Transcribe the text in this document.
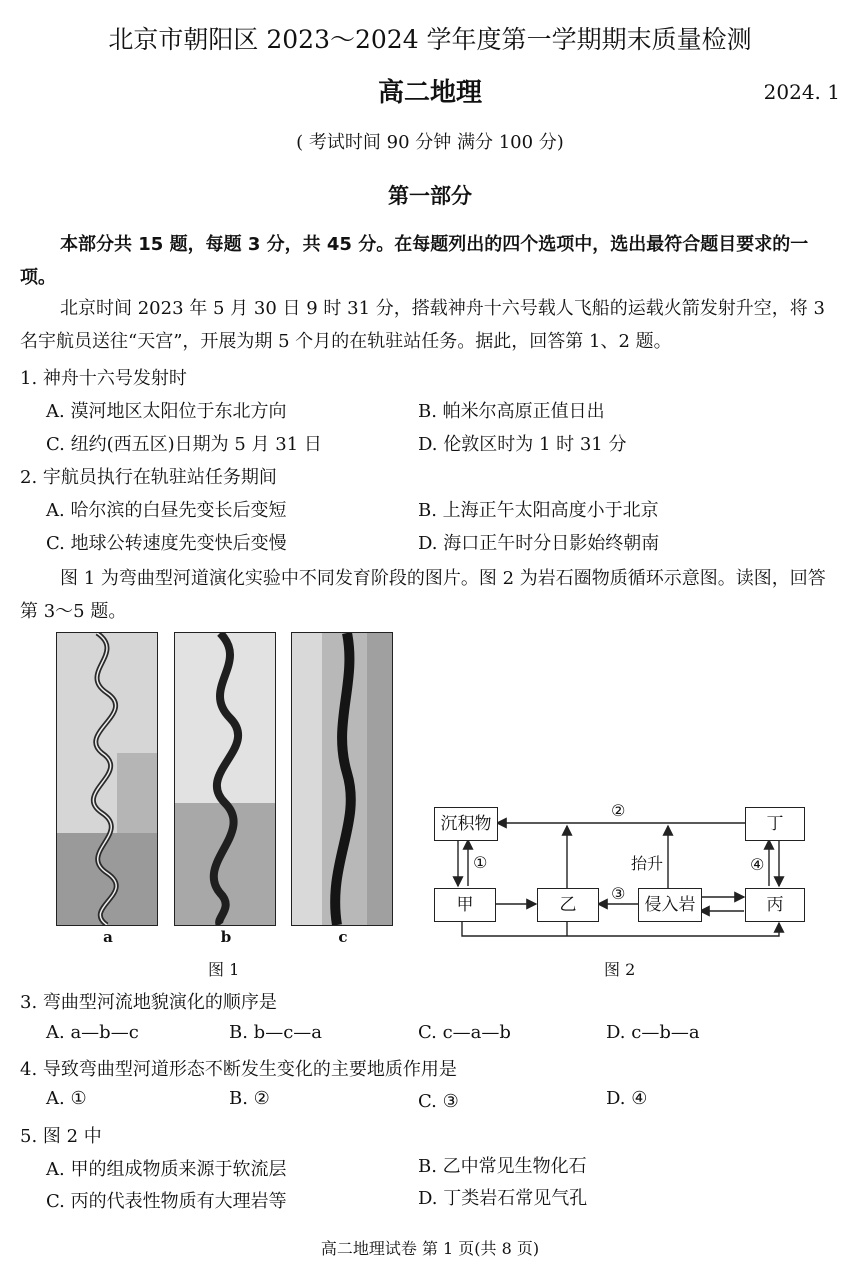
北京市朝阳区 2023～2024 学年度第一学期期末质量检测
高二地理	2024. 1
( 考试时间 90 分钟 满分 100 分)
第一部分
本部分共 15 题，每题 3 分，共 45 分。在每题列出的四个选项中，选出最符合题目要求的一项。
北京时间 2023 年 5 月 30 日 9 时 31 分，搭载神舟十六号载人飞船的运载火箭发射升空，将 3 名宇航员送往“天宫”，开展为期 5 个月的在轨驻站任务。据此，回答第 1、2 题。
1. 神舟十六号发射时
A. 漠河地区太阳位于东北方向	B. 帕米尔高原正值日出
C. 纽约(西五区)日期为 5 月 31 日	D. 伦敦区时为 1 时 31 分
2. 宇航员执行在轨驻站任务期间
A. 哈尔滨的白昼先变长后变短	B. 上海正午太阳高度小于北京
C. 地球公转速度先变快后变慢	D. 海口正午时分日影始终朝南
图 1 为弯曲型河道演化实验中不同发育阶段的图片。图 2 为岩石圈物质循环示意图。读图，回答第 3～5 题。
a	b	c
图 1
沉积物	丁
甲	乙	侵入岩	丙
②
①
③
④
抬升
图 2
3. 弯曲型河流地貌演化的顺序是
A. a—b—c	B. b—c—a	C. c—a—b	D. c—b—a
4. 导致弯曲型河道形态不断发生变化的主要地质作用是
A. ①	B. ②	C. ③	D. ④
5. 图 2 中
A. 甲的组成物质来源于软流层	B. 乙中常见生物化石
C. 丙的代表性物质有大理岩等	D. 丁类岩石常见气孔
高二地理试卷 第 1 页(共 8 页)
